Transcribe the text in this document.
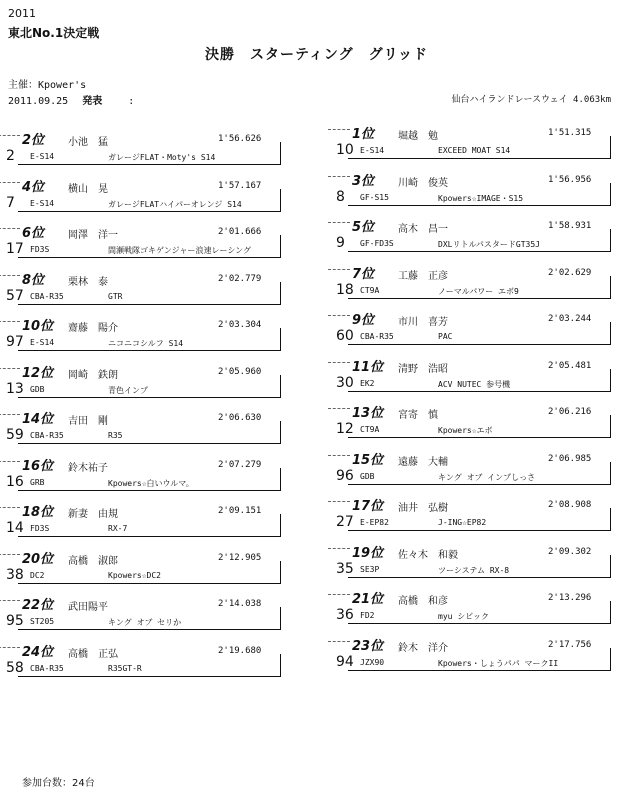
2011
東北No.1決定戦
決勝　スターティング　グリッド
主催：Kpower's
2011.09.25 発表	:	仙台ハイランドレースウェイ 4.063km
1位 堀越　勉	1'51.315
10 E-S14	EXCEED MOAT S14
2位 小池　猛	1'56.626
2 E-S14	ガレージFLAT・Moty's S14
3位 川崎　俊英	1'56.956
8 GF-S15	Kpowers☆IMAGE・S15
4位 横山　晃	1'57.167
7 E-S14	ガレージFLATハイパーオレンジ S14
5位 高木　昌一	1'58.931
9 GF-FD3S	DXLリトルパスタードGT35J
6位 岡澤　洋一	2'01.666
17 FD3S	間瀬戦隊ゴキゲンジャー浪速レーシング
7位 工藤　正彦	2'02.629
18 CT9A	ノーマルパワー エボ9
8位 栗林　泰	2'02.779
57 CBA-R35	GTR
9位 市川　喜芳	2'03.244
60 CBA-R35	PAC
10位 齋藤　陽介	2'03.304
97 E-S14	ニコニコシルフ S14
11位 清野　浩昭	2'05.481
30 EK2	ACV NUTEC 参号機
12位 岡崎　鉄朗	2'05.960
13 GDB	青色インプ
13位 宮寄　慎	2'06.216
12 CT9A	Kpowers☆エボ
14位 吉田　剛	2'06.630
59 CBA-R35	R35
15位 遠藤　大輔	2'06.985
96 GDB	キング オブ インプしっさ
16位 鈴木祐子	2'07.279
16 GRB	Kpowers☆白いウルマ。
17位 油井　弘樹	2'08.908
27 E-EP82	J-ING☆EP82
18位 新妻　由規	2'09.151
14 FD3S	RX-7
19位 佐々木　和毅	2'09.302
35 SE3P	ツーシステム RX-8
20位 高橋　淑郎	2'12.905
38 DC2	Kpowers☆DC2
21位 高橋　和彦	2'13.296
36 FD2	myu シビック
22位 武田陽平	2'14.038
95 ST205	キング オブ セリか
23位 鈴木　洋介	2'17.756
94 JZX90	Kpowers・しょうパパ マークII
24位 高橋　正弘	2'19.680
58 CBA-R35	R35GT-R
参加台数：24台
